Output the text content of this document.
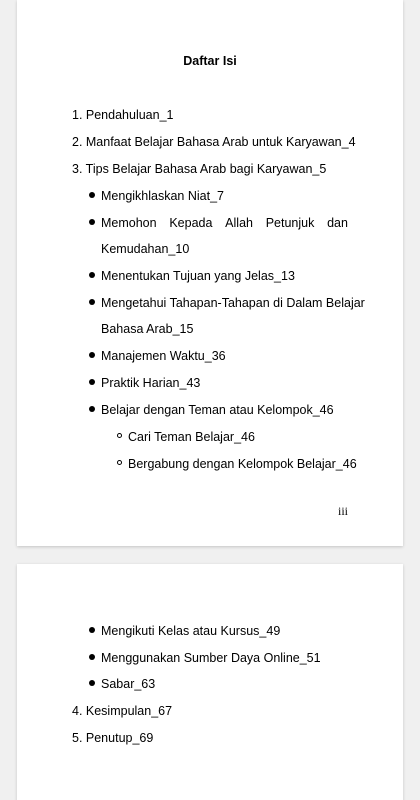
Daftar Isi
1. Pendahuluan_1
2. Manfaat Belajar Bahasa Arab untuk Karyawan_4
3. Tips Belajar Bahasa Arab bagi Karyawan_5
Mengikhlaskan Niat_7
Memohon Kepada Allah Petunjuk dan
Kemudahan_10
Menentukan Tujuan yang Jelas_13
Mengetahui Tahapan-Tahapan di Dalam Belajar
Bahasa Arab_15
Manajemen Waktu_36
Praktik Harian_43
Belajar dengan Teman atau Kelompok_46
Cari Teman Belajar_46
Bergabung dengan Kelompok Belajar_46
iii
Mengikuti Kelas atau Kursus_49
Menggunakan Sumber Daya Online_51
Sabar_63
4. Kesimpulan_67
5. Penutup_69
